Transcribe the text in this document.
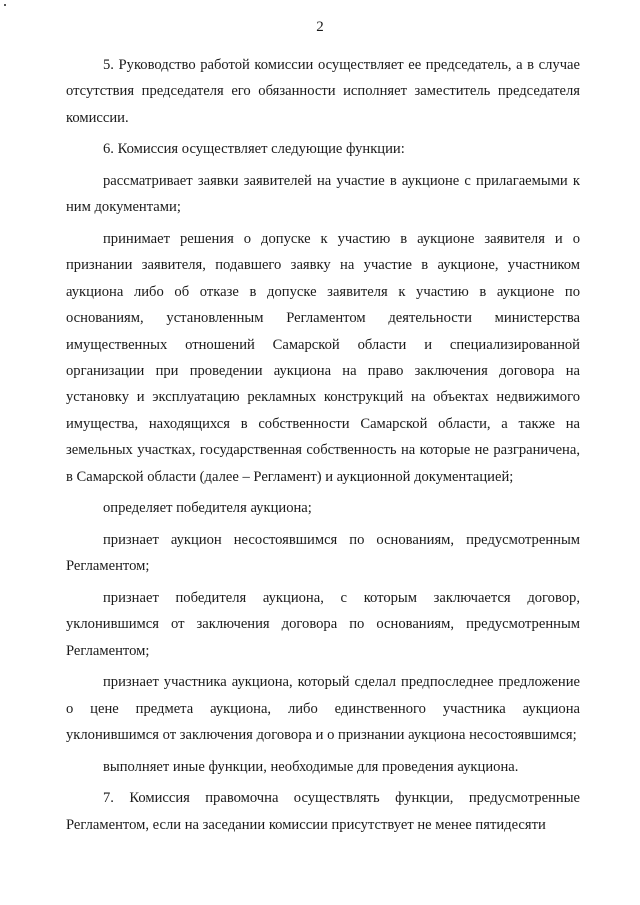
2

5. Руководство работой комиссии осуществляет ее председатель, а в случае отсутствия председателя его обязанности исполняет заместитель председателя комиссии.

6. Комиссия осуществляет следующие функции:

рассматривает заявки заявителей на участие в аукционе с прилагаемыми к ним документами;

принимает решения о допуске к участию в аукционе заявителя и о признании заявителя, подавшего заявку на участие в аукционе, участником аукциона либо об отказе в допуске заявителя к участию в аукционе по основаниям, установленным Регламентом деятельности министерства имущественных отношений Самарской области и специализированной организации при проведении аукциона на право заключения договора на установку и эксплуатацию рекламных конструкций на объектах недвижимого имущества, находящихся в собственности Самарской области, а также на земельных участках, государственная собственность на которые не разграничена, в Самарской области (далее – Регламент) и аукционной документацией;

определяет победителя аукциона;

признает аукцион несостоявшимся по основаниям, предусмотренным Регламентом;

признает победителя аукциона, с которым заключается договор, уклонившимся от заключения договора по основаниям, предусмотренным Регламентом;

признает участника аукциона, который сделал предпоследнее предложение о цене предмета аукциона, либо единственного участника аукциона уклонившимся от заключения договора и о признании аукциона несостоявшимся;

выполняет иные функции, необходимые для проведения аукциона.

7. Комиссия правомочна осуществлять функции, предусмотренные Регламентом, если на заседании комиссии присутствует не менее пятидесяти
